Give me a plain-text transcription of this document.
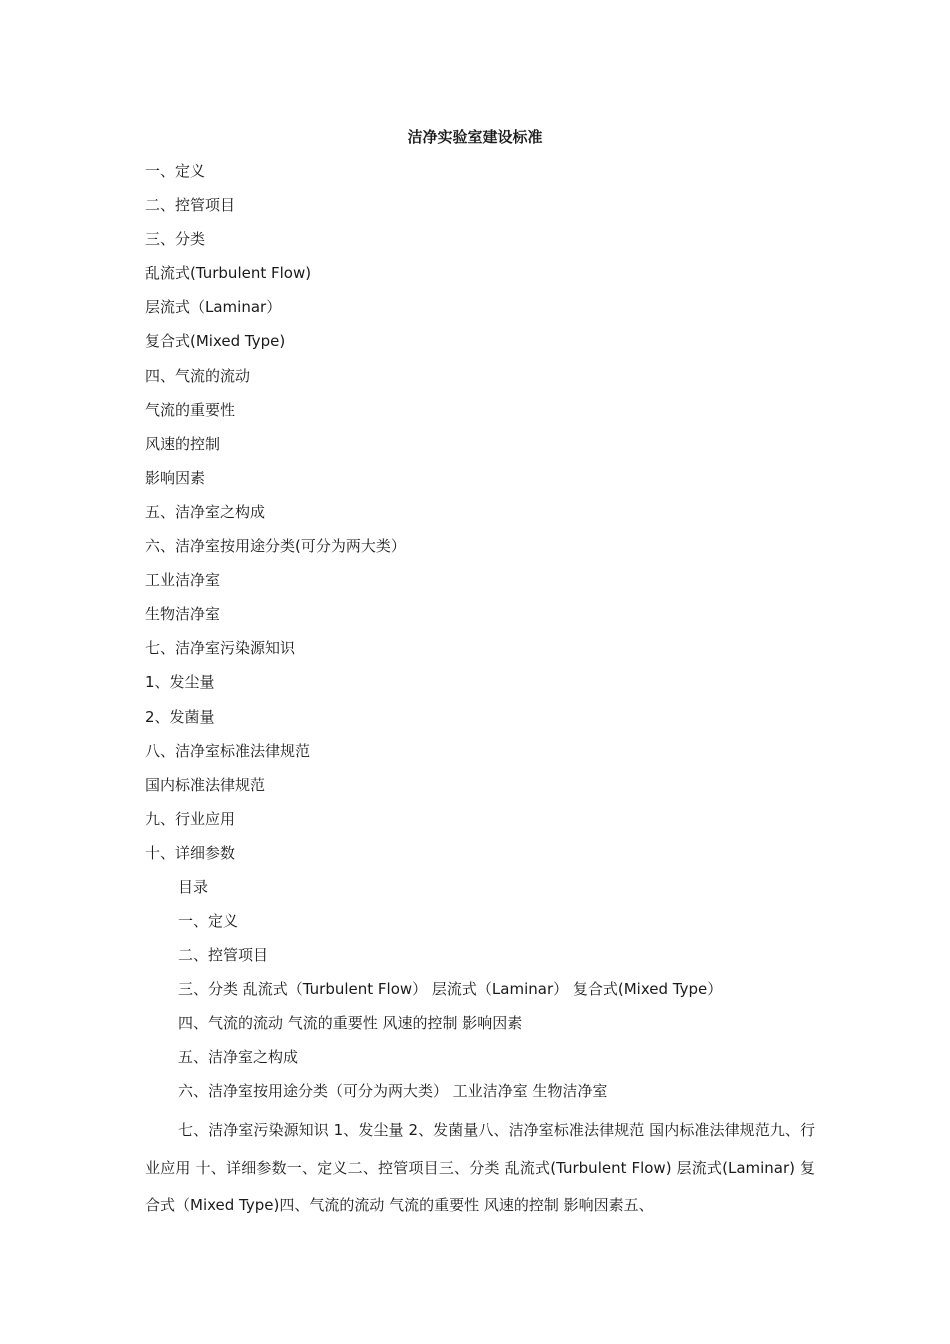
洁净实验室建设标准
一、定义
二、控管项目
三、分类
乱流式(Turbulent Flow)
层流式（Laminar）
复合式(Mixed Type)
四、气流的流动
气流的重要性
风速的控制
影响因素
五、洁净室之构成
六、洁净室按用途分类(可分为两大类）
工业洁净室
生物洁净室
七、洁净室污染源知识
1、发尘量
2、发菌量
八、洁净室标准法律规范
国内标准法律规范
九、行业应用
十、详细参数
目录
一、定义
二、控管项目
三、分类 乱流式（Turbulent Flow） 层流式（Laminar） 复合式(Mixed Type）
四、气流的流动 气流的重要性 风速的控制 影响因素
五、洁净室之构成
六、洁净室按用途分类（可分为两大类） 工业洁净室 生物洁净室
七、洁净室污染源知识 1、发尘量 2、发菌量八、洁净室标准法律规范 国内标准法律规范九、行业应用 十、详细参数一、定义二、控管项目三、分类 乱流式(Turbulent Flow) 层流式(Laminar) 复合式（Mixed Type)四、气流的流动 气流的重要性 风速的控制 影响因素五、
